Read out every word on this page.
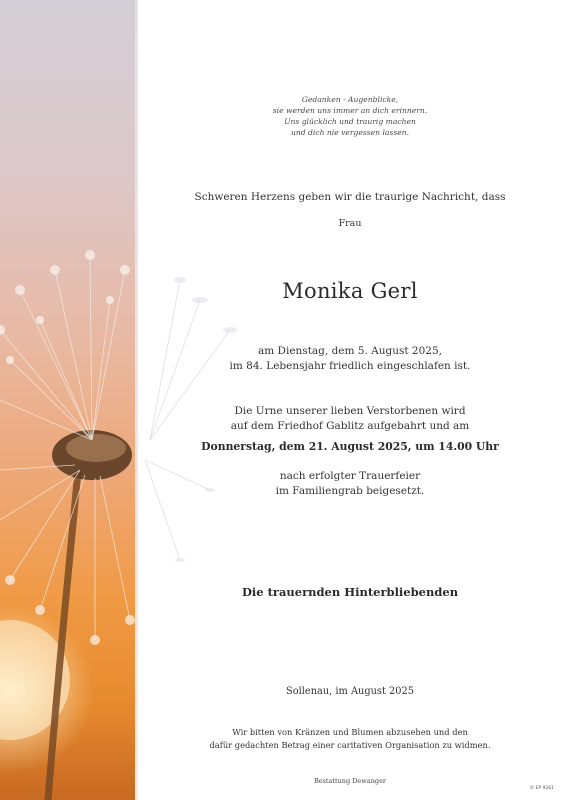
Gedanken - Augenblicke,
sie werden uns immer an dich erinnern.
Uns glücklich und traurig machen
und dich nie vergessen lassen.
Schweren Herzens geben wir die traurige Nachricht, dass
Frau
Monika Gerl
am Dienstag, dem 5. August 2025,
im 84. Lebensjahr friedlich eingeschlafen ist.
Die Urne unserer lieben Verstorbenen wird
auf dem Friedhof Gablitz aufgebahrt und am
Donnerstag, dem 21. August 2025, um 14.00 Uhr
nach erfolgter Trauerfeier
im Familiengrab beigesetzt.
Die trauernden Hinterbliebenden
Sollenau, im August 2025
Wir bitten von Kränzen und Blumen abzusehen und den
dafür gedachten Betrag einer caritativen Organisation zu widmen.
Bestattung Dewanger
© EP 9261
